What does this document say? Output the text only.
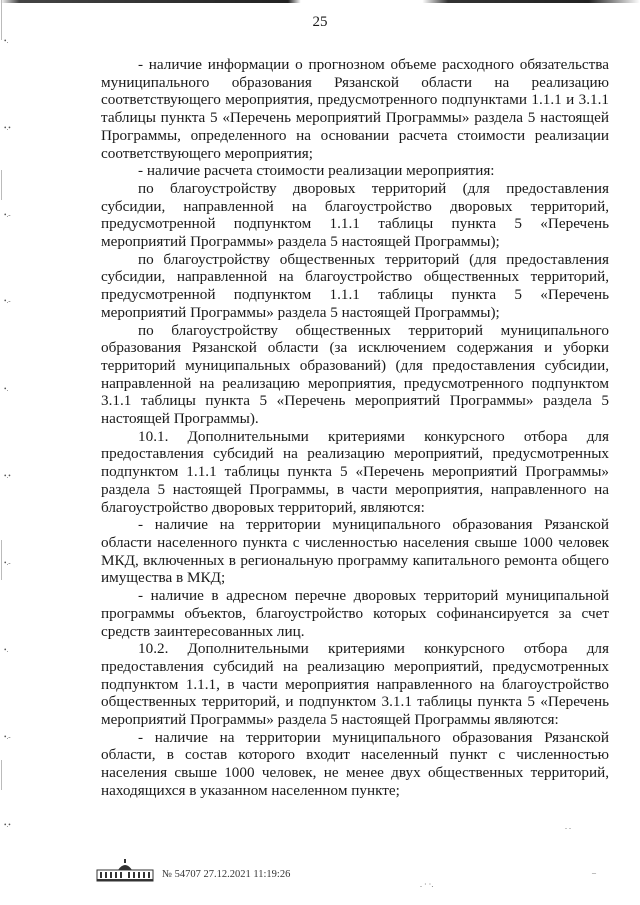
25
•.
•.•
•.-
•.-
•.
•.•
•.-
•.
•.-
•.•

- наличие информации о прогнозном объеме расходного обязательства муниципального образования Рязанской области на реализацию соответствующего мероприятия, предусмотренного подпунктами 1.1.1 и 3.1.1 таблицы пункта 5 «Перечень мероприятий Программы» раздела 5 настоящей Программы, определенного на основании расчета стоимости реализации соответствующего мероприятия;

- наличие расчета стоимости реализации мероприятия:

по благоустройству дворовых территорий (для предоставления субсидии, направленной на благоустройство дворовых территорий, предусмотренной подпунктом 1.1.1 таблицы пункта 5 «Перечень мероприятий Программы» раздела 5 настоящей Программы);

по благоустройству общественных территорий (для предоставления субсидии, направленной на благоустройство общественных территорий, предусмотренной подпунктом 1.1.1 таблицы пункта 5 «Перечень мероприятий Программы» раздела 5 настоящей Программы);

по благоустройству общественных территорий муниципального образования Рязанской области (за исключением содержания и уборки территорий муниципальных образований) (для предоставления субсидии, направленной на реализацию мероприятия, предусмотренного подпунктом 3.1.1 таблицы пункта 5 «Перечень мероприятий Программы» раздела 5 настоящей Программы).

10.1. Дополнительными критериями конкурсного отбора для предоставления субсидий на реализацию мероприятий, предусмотренных подпунктом 1.1.1 таблицы пункта 5 «Перечень мероприятий Программы» раздела 5 настоящей Программы, в части мероприятия, направленного на благоустройство дворовых территорий, являются:

- наличие на территории муниципального образования Рязанской области населенного пункта с численностью населения свыше 1000 человек МКД, включенных в региональную программу капитального ремонта общего имущества в МКД;

- наличие в адресном перечне дворовых территорий муниципальной программы объектов, благоустройство которых софинансируется за счет средств заинтересованных лиц.

10.2. Дополнительными критериями конкурсного отбора для предоставления субсидий на реализацию мероприятий, предусмотренных подпунктом 1.1.1, в части мероприятия направленного на благоустройство общественных территорий, и подпунктом 3.1.1 таблицы пункта 5 «Перечень мероприятий Программы» раздела 5 настоящей Программы являются:

- наличие на территории муниципального образования Рязанской области, в состав которого входит населенный пункт с численностью населения свыше 1000 человек, не менее двух общественных территорий, находящихся в указанном населенном пункте;

№ 54707 27.12.2021 11:19:26
. .
. · ·.
–
